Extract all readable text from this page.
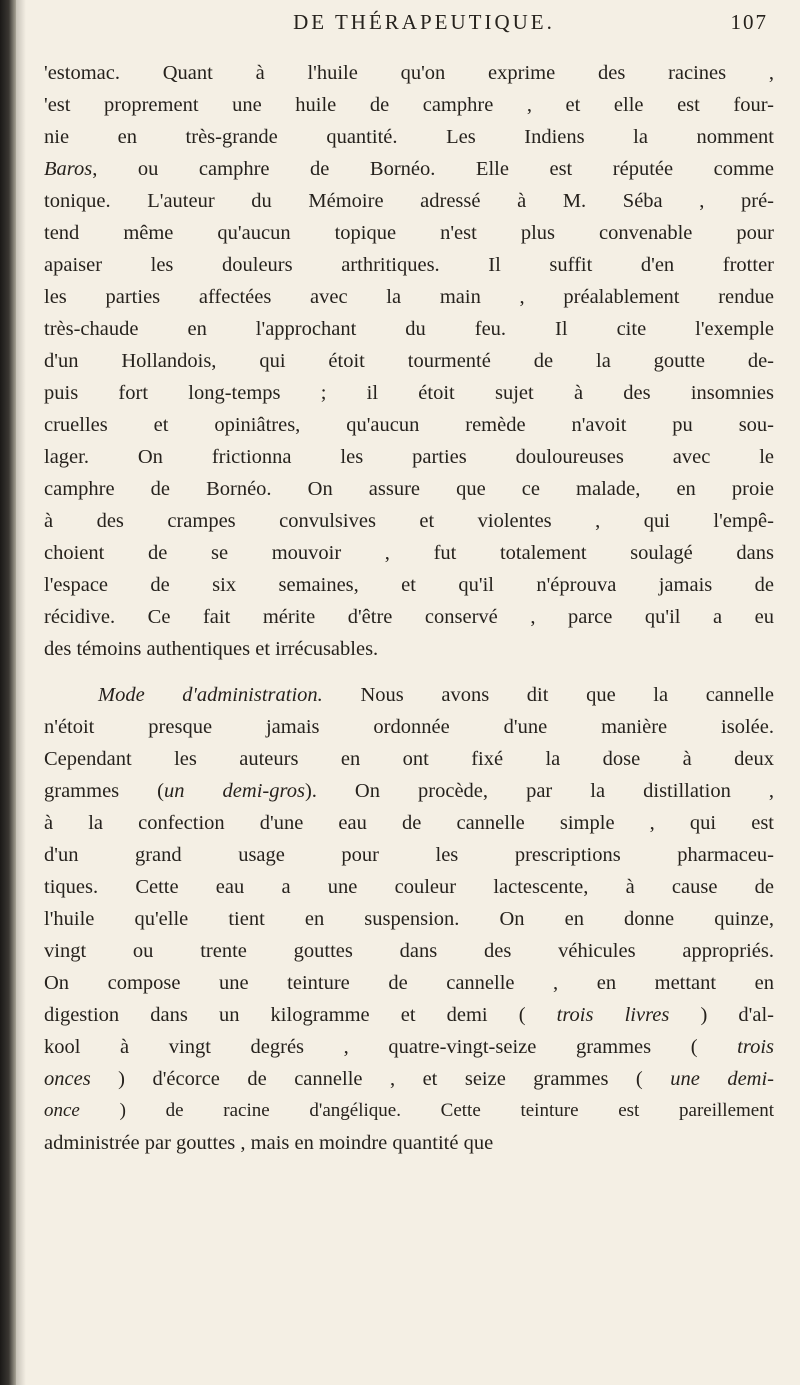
DE THÉRAPEUTIQUE.	107
'estomac. Quant à l'huile qu'on exprime des racines ,
'est proprement une huile de camphre , et elle est four-
nie en très-grande quantité. Les Indiens la nomment
Baros, ou camphre de Bornéo. Elle est réputée comme
tonique. L'auteur du Mémoire adressé à M. Séba , pré-
tend même qu'aucun topique n'est plus convenable pour
apaiser les douleurs arthritiques. Il suffit d'en frotter
les parties affectées avec la main , préalablement rendue
très-chaude en l'approchant du feu. Il cite l'exemple
d'un Hollandois, qui étoit tourmenté de la goutte de-
puis fort long-temps ; il étoit sujet à des insomnies
cruelles et opiniâtres, qu'aucun remède n'avoit pu sou-
lager. On frictionna les parties douloureuses avec le
camphre de Bornéo. On assure que ce malade, en proie
à des crampes convulsives et violentes , qui l'empê-
choient de se mouvoir , fut totalement soulagé dans
l'espace de six semaines, et qu'il n'éprouva jamais de
récidive. Ce fait mérite d'être conservé , parce qu'il a eu
des témoins authentiques et irrécusables.
Mode d'administration. Nous avons dit que la cannelle
n'étoit presque jamais ordonnée d'une manière isolée.
Cependant les auteurs en ont fixé la dose à deux
grammes (un demi-gros). On procède, par la distillation ,
à la confection d'une eau de cannelle simple , qui est
d'un grand usage pour les prescriptions pharmaceu-
tiques. Cette eau a une couleur lactescente, à cause de
l'huile qu'elle tient en suspension. On en donne quinze,
vingt ou trente gouttes dans des véhicules appropriés.
On compose une teinture de cannelle , en mettant en
digestion dans un kilogramme et demi ( trois livres ) d'al-
kool à vingt degrés , quatre-vingt-seize grammes ( trois
onces ) d'écorce de cannelle , et seize grammes ( une demi-
once ) de racine d'angélique. Cette teinture est pareillement
administrée par gouttes , mais en moindre quantité que
